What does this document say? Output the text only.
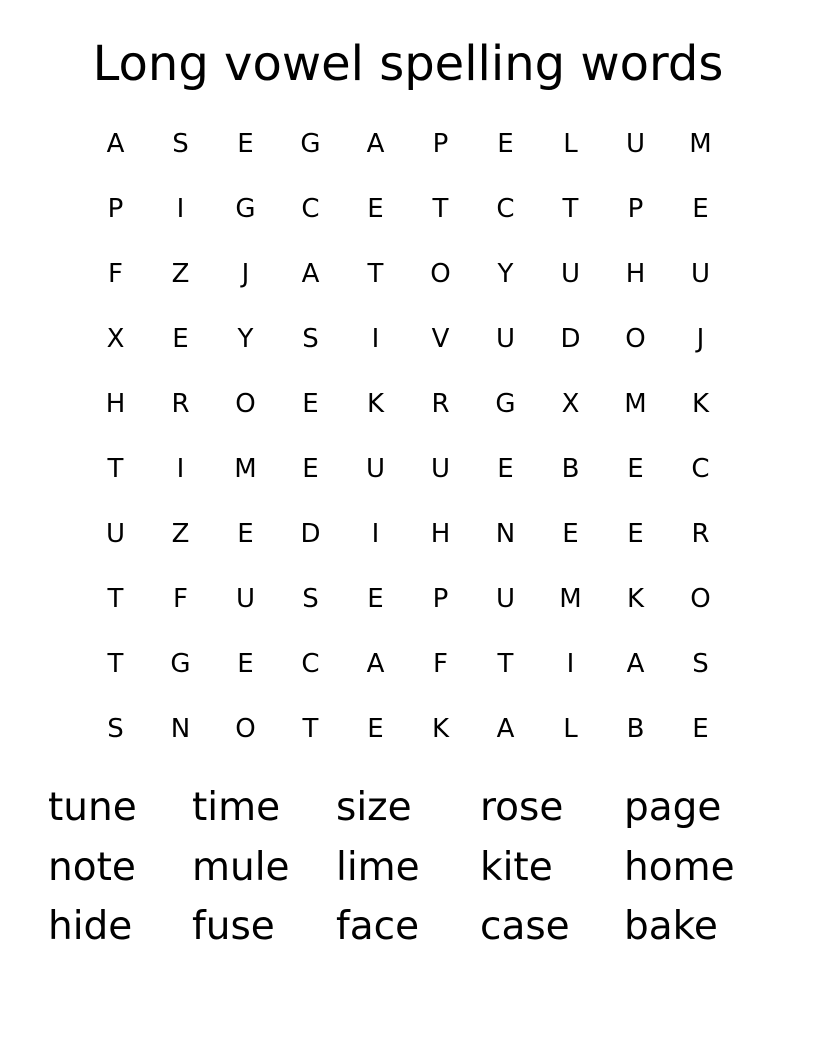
Long vowel spelling words
A	S	E	G	A	P	E	L	U	M
P	I	G	C	E	T	C	T	P	E
F	Z	J	A	T	O	Y	U	H	U
X	E	Y	S	I	V	U	D	O	J
H	R	O	E	K	R	G	X	M	K
T	I	M	E	U	U	E	B	E	C
U	Z	E	D	I	H	N	E	E	R
T	F	U	S	E	P	U	M	K	O
T	G	E	C	A	F	T	I	A	S
S	N	O	T	E	K	A	L	B	E
tune	time	size	rose	page
note	mule	lime	kite	home
hide	fuse	face	case	bake
